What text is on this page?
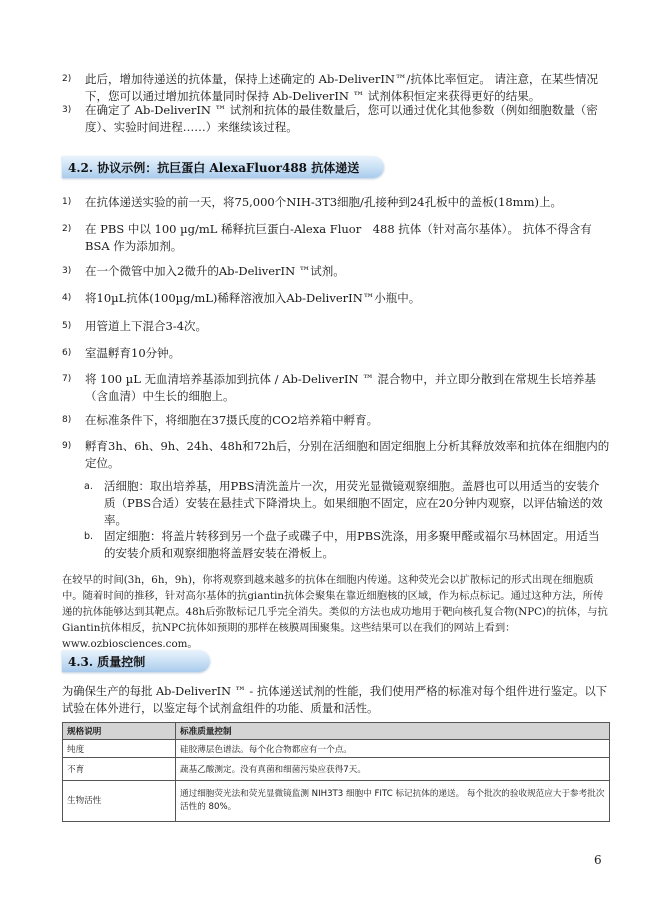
2)	此后，增加待递送的抗体量，保持上述确定的 Ab-DeliverIN™/抗体比率恒定。 请注意，在某些情况下，您可以通过增加抗体量同时保持 Ab-DeliverIN ™ 试剂体积恒定来获得更好的结果。
3)	在确定了 Ab-DeliverIN ™ 试剂和抗体的最佳数量后，您可以通过优化其他参数（例如细胞数量（密度）、实验时间进程……）来继续该过程。
4.2. 协议示例：抗巨蛋白 AlexaFluor488 抗体递送
1)	在抗体递送实验的前一天，将75,000个NIH-3T3细胞/孔接种到24孔板中的盖板(18mm)上。
2)	在 PBS 中以 100 µg/mL 稀释抗巨蛋白-Alexa Fluor　488 抗体（针对高尔基体）。 抗体不得含有 BSA 作为添加剂。
3)	在一个微管中加入2微升的Ab-DeliverIN ™试剂。
4)	将10µL抗体(100µg/mL)稀释溶液加入Ab-DeliverIN™小瓶中。
5)	用管道上下混合3-4次。
6)	室温孵育10分钟。
7)	将 100 µL 无血清培养基添加到抗体 / Ab-DeliverIN ™ 混合物中，并立即分散到在常规生长培养基（含血清）中生长的细胞上。
8)	在标准条件下，将细胞在37摄氏度的CO2培养箱中孵育。
9)	孵育3h、6h、9h、24h、48h和72h后，分别在活细胞和固定细胞上分析其释放效率和抗体在细胞内的定位。
a. 活细胞：取出培养基，用PBS清洗盖片一次，用荧光显微镜观察细胞。盖唇也可以用适当的安装介质（PBS合适）安装在悬挂式下降滑块上。如果细胞不固定，应在20分钟内观察，以评估输送的效率。
b. 固定细胞：将盖片转移到另一个盘子或碟子中，用PBS洗涤，用多聚甲醛或福尔马林固定。用适当的安装介质和观察细胞将盖唇安装在滑板上。
在较早的时间(3h，6h，9h)，你将观察到越来越多的抗体在细胞内传递。这种荧光会以扩散标记的形式出现在细胞质中。随着时间的推移，针对高尔基体的抗giantin抗体会聚集在靠近细胞核的区域，作为标点标记。通过这种方法，所传递的抗体能够达到其靶点。48h后弥散标记几乎完全消失。类似的方法也成功地用于靶向核孔复合物(NPC)的抗体，与抗Giantin抗体相反，抗NPC抗体如预期的那样在核膜周围聚集。这些结果可以在我们的网站上看到：www.ozbiosciences.com。
4.3. 质量控制
为确保生产的每批 Ab-DeliverIN ™ - 抗体递送试剂的性能，我们使用严格的标准对每个组件进行鉴定。以下试验在体外进行，以鉴定每个试剂盒组件的功能、质量和活性。
规格说明	标准质量控制
纯度	硅胶薄层色谱法。每个化合物都应有一个点。
不育	蔬基乙酸测定。没有真菌和细菌污染应获得7天。
生物活性	通过细胞荧光法和荧光显微镜监测 NIH3T3 细胞中 FITC 标记抗体的递送。 每个批次的验收规范应大于参考批次活性的 80%。
6
